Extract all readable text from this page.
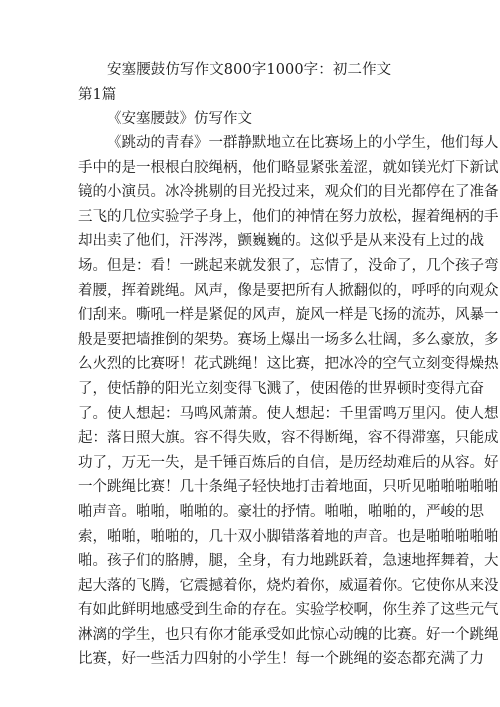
安塞腰鼓仿写作文800字1000字：初二作文
第1篇
《安塞腰鼓》仿写作文
《跳动的青春》一群静默地立在比赛场上的小学生，他们每人
手中的是一根根白胶绳柄，他们略显紧张羞涩，就如镁光灯下新试
镜的小演员。冰冷挑剔的目光投过来，观众们的目光都停在了准备
三飞的几位实验学子身上，他们的神情在努力放松，握着绳柄的手
却出卖了他们，汗涔涔，颤巍巍的。这似乎是从来没有上过的战
场。但是：看！一跳起来就发狠了，忘情了，没命了，几个孩子弯
着腰，挥着跳绳。风声，像是要把所有人掀翻似的，呼呼的向观众
们刮来。嘶吼一样是紧促的风声，旋风一样是飞扬的流苏，风暴一
般是要把墙推倒的架势。赛场上爆出一场多么壮阔，多么豪放，多
么火烈的比赛呀！花式跳绳！这比赛，把冰冷的空气立刻变得燥热
了，使恬静的阳光立刻变得飞溅了，使困倦的世界顿时变得亢奋
了。使人想起：马鸣风萧萧。使人想起：千里雷鸣万里闪。使人想
起：落日照大旗。容不得失败，容不得断绳，容不得滞塞，只能成
功了，万无一失，是千锤百炼后的自信，是历经劫难后的从容。好
一个跳绳比赛！几十条绳子轻快地打击着地面，只听见啪啪啪啪啪
啪声音。啪啪，啪啪的。豪壮的抒情。啪啪，啪啪的，严峻的思
索，啪啪，啪啪的，几十双小脚错落着地的声音。也是啪啪啪啪啪
啪。孩子们的胳膊，腿，全身，有力地跳跃着，急速地挥舞着，大
起大落的飞腾，它震撼着你，烧灼着你，威逼着你。它使你从来没
有如此鲜明地感受到生命的存在。实验学校啊，你生养了这些元气
淋漓的学生，也只有你才能承受如此惊心动魄的比赛。好一个跳绳
比赛，好一些活力四射的小学生！每一个跳绳的姿态都充满了力
